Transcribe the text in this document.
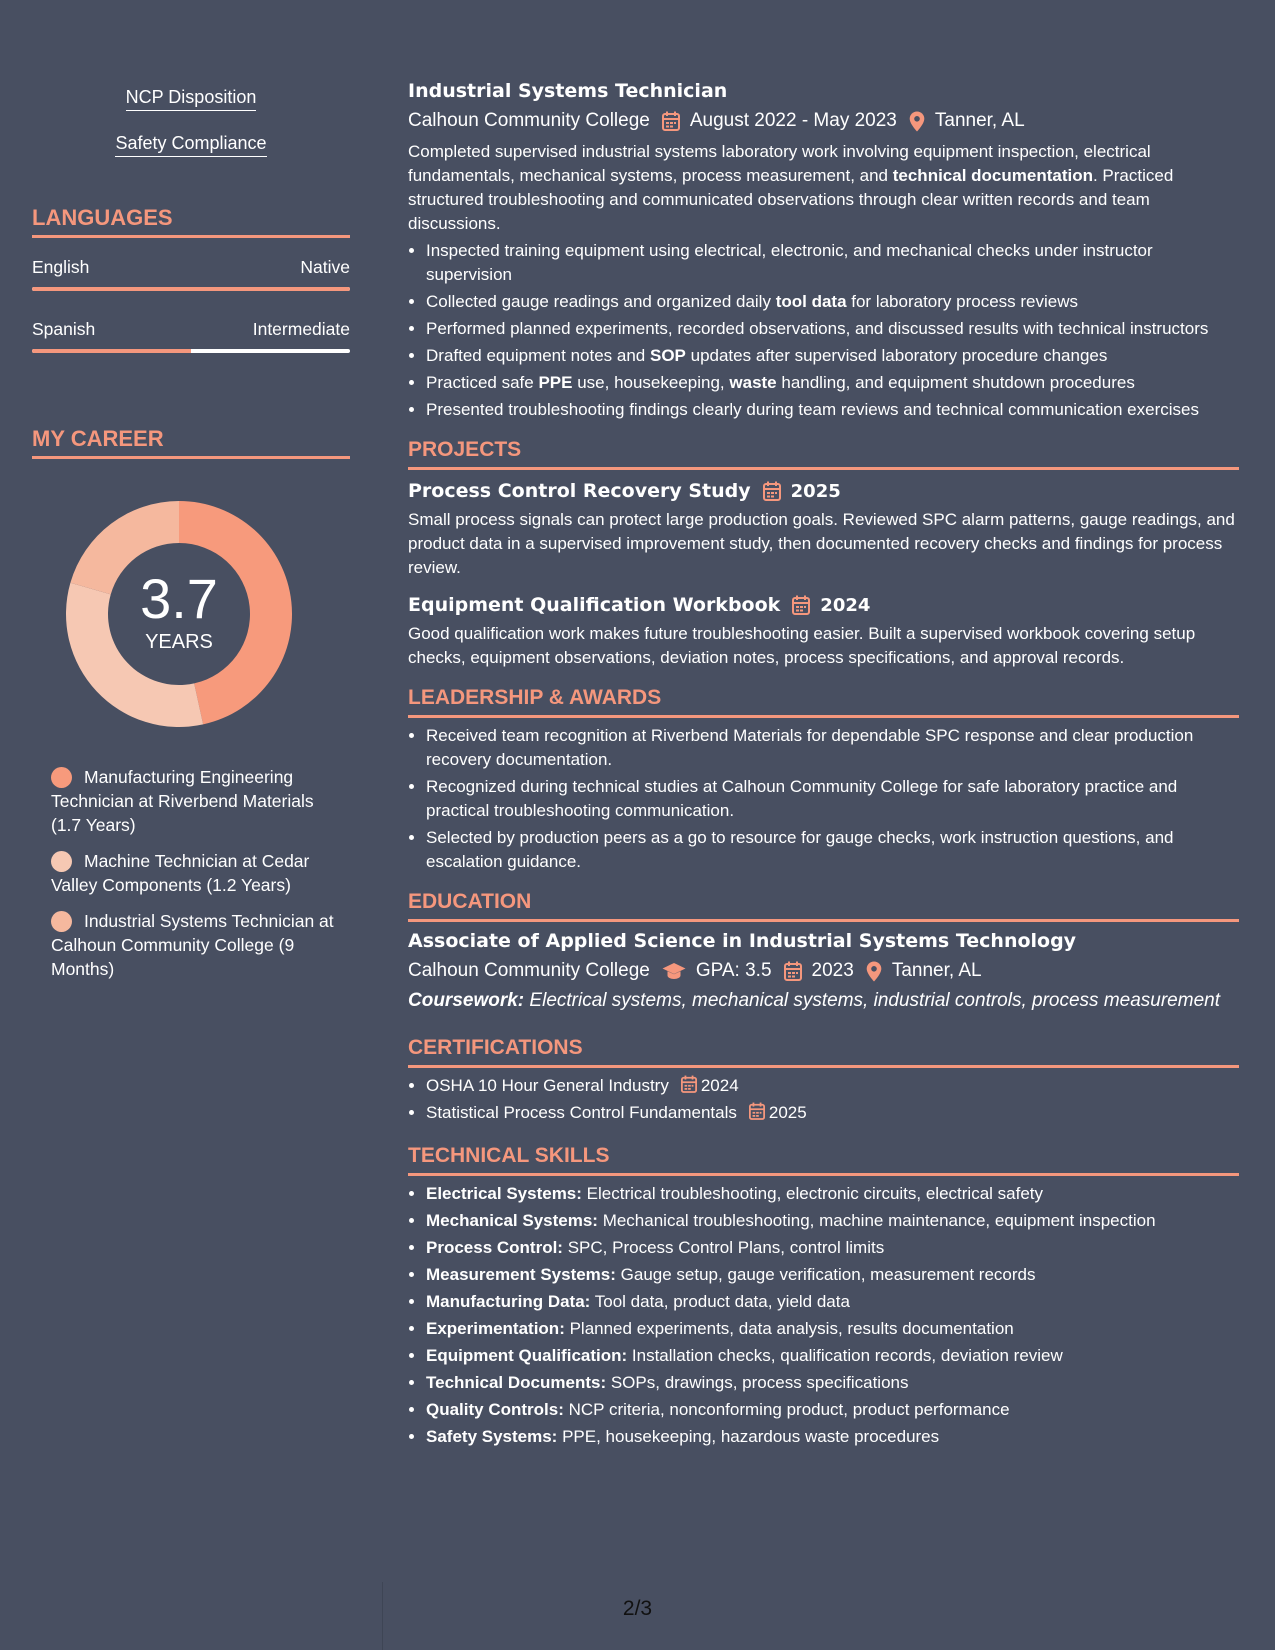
NCP Disposition
Safety Compliance
LANGUAGES
English	Native
Spanish	Intermediate
MY CAREER
3.7
YEARS
Manufacturing Engineering Technician at Riverbend Materials (1.7 Years)
Machine Technician at Cedar Valley Components (1.2 Years)
Industrial Systems Technician at Calhoun Community College (9 Months)
Industrial Systems Technician
Calhoun Community College August 2022 - May 2023 Tanner, AL
Completed supervised industrial systems laboratory work involving equipment inspection, electrical fundamentals, mechanical systems, process measurement, and technical documentation. Practiced structured troubleshooting and communicated observations through clear written records and team discussions.
• Inspected training equipment using electrical, electronic, and mechanical checks under instructor supervision
• Collected gauge readings and organized daily tool data for laboratory process reviews
• Performed planned experiments, recorded observations, and discussed results with technical instructors
• Drafted equipment notes and SOP updates after supervised laboratory procedure changes
• Practiced safe PPE use, housekeeping, waste handling, and equipment shutdown procedures
• Presented troubleshooting findings clearly during team reviews and technical communication exercises
PROJECTS
Process Control Recovery Study 2025
Small process signals can protect large production goals. Reviewed SPC alarm patterns, gauge readings, and product data in a supervised improvement study, then documented recovery checks and findings for process review.
Equipment Qualification Workbook 2024
Good qualification work makes future troubleshooting easier. Built a supervised workbook covering setup checks, equipment observations, deviation notes, process specifications, and approval records.
LEADERSHIP & AWARDS
• Received team recognition at Riverbend Materials for dependable SPC response and clear production recovery documentation.
• Recognized during technical studies at Calhoun Community College for safe laboratory practice and practical troubleshooting communication.
• Selected by production peers as a go to resource for gauge checks, work instruction questions, and escalation guidance.
EDUCATION
Associate of Applied Science in Industrial Systems Technology
Calhoun Community College GPA: 3.5 2023 Tanner, AL
Coursework: Electrical systems, mechanical systems, industrial controls, process measurement
CERTIFICATIONS
• OSHA 10 Hour General Industry 2024
• Statistical Process Control Fundamentals 2025
TECHNICAL SKILLS
• Electrical Systems: Electrical troubleshooting, electronic circuits, electrical safety
• Mechanical Systems: Mechanical troubleshooting, machine maintenance, equipment inspection
• Process Control: SPC, Process Control Plans, control limits
• Measurement Systems: Gauge setup, gauge verification, measurement records
• Manufacturing Data: Tool data, product data, yield data
• Experimentation: Planned experiments, data analysis, results documentation
• Equipment Qualification: Installation checks, qualification records, deviation review
• Technical Documents: SOPs, drawings, process specifications
• Quality Controls: NCP criteria, nonconforming product, product performance
• Safety Systems: PPE, housekeeping, hazardous waste procedures
2/3
